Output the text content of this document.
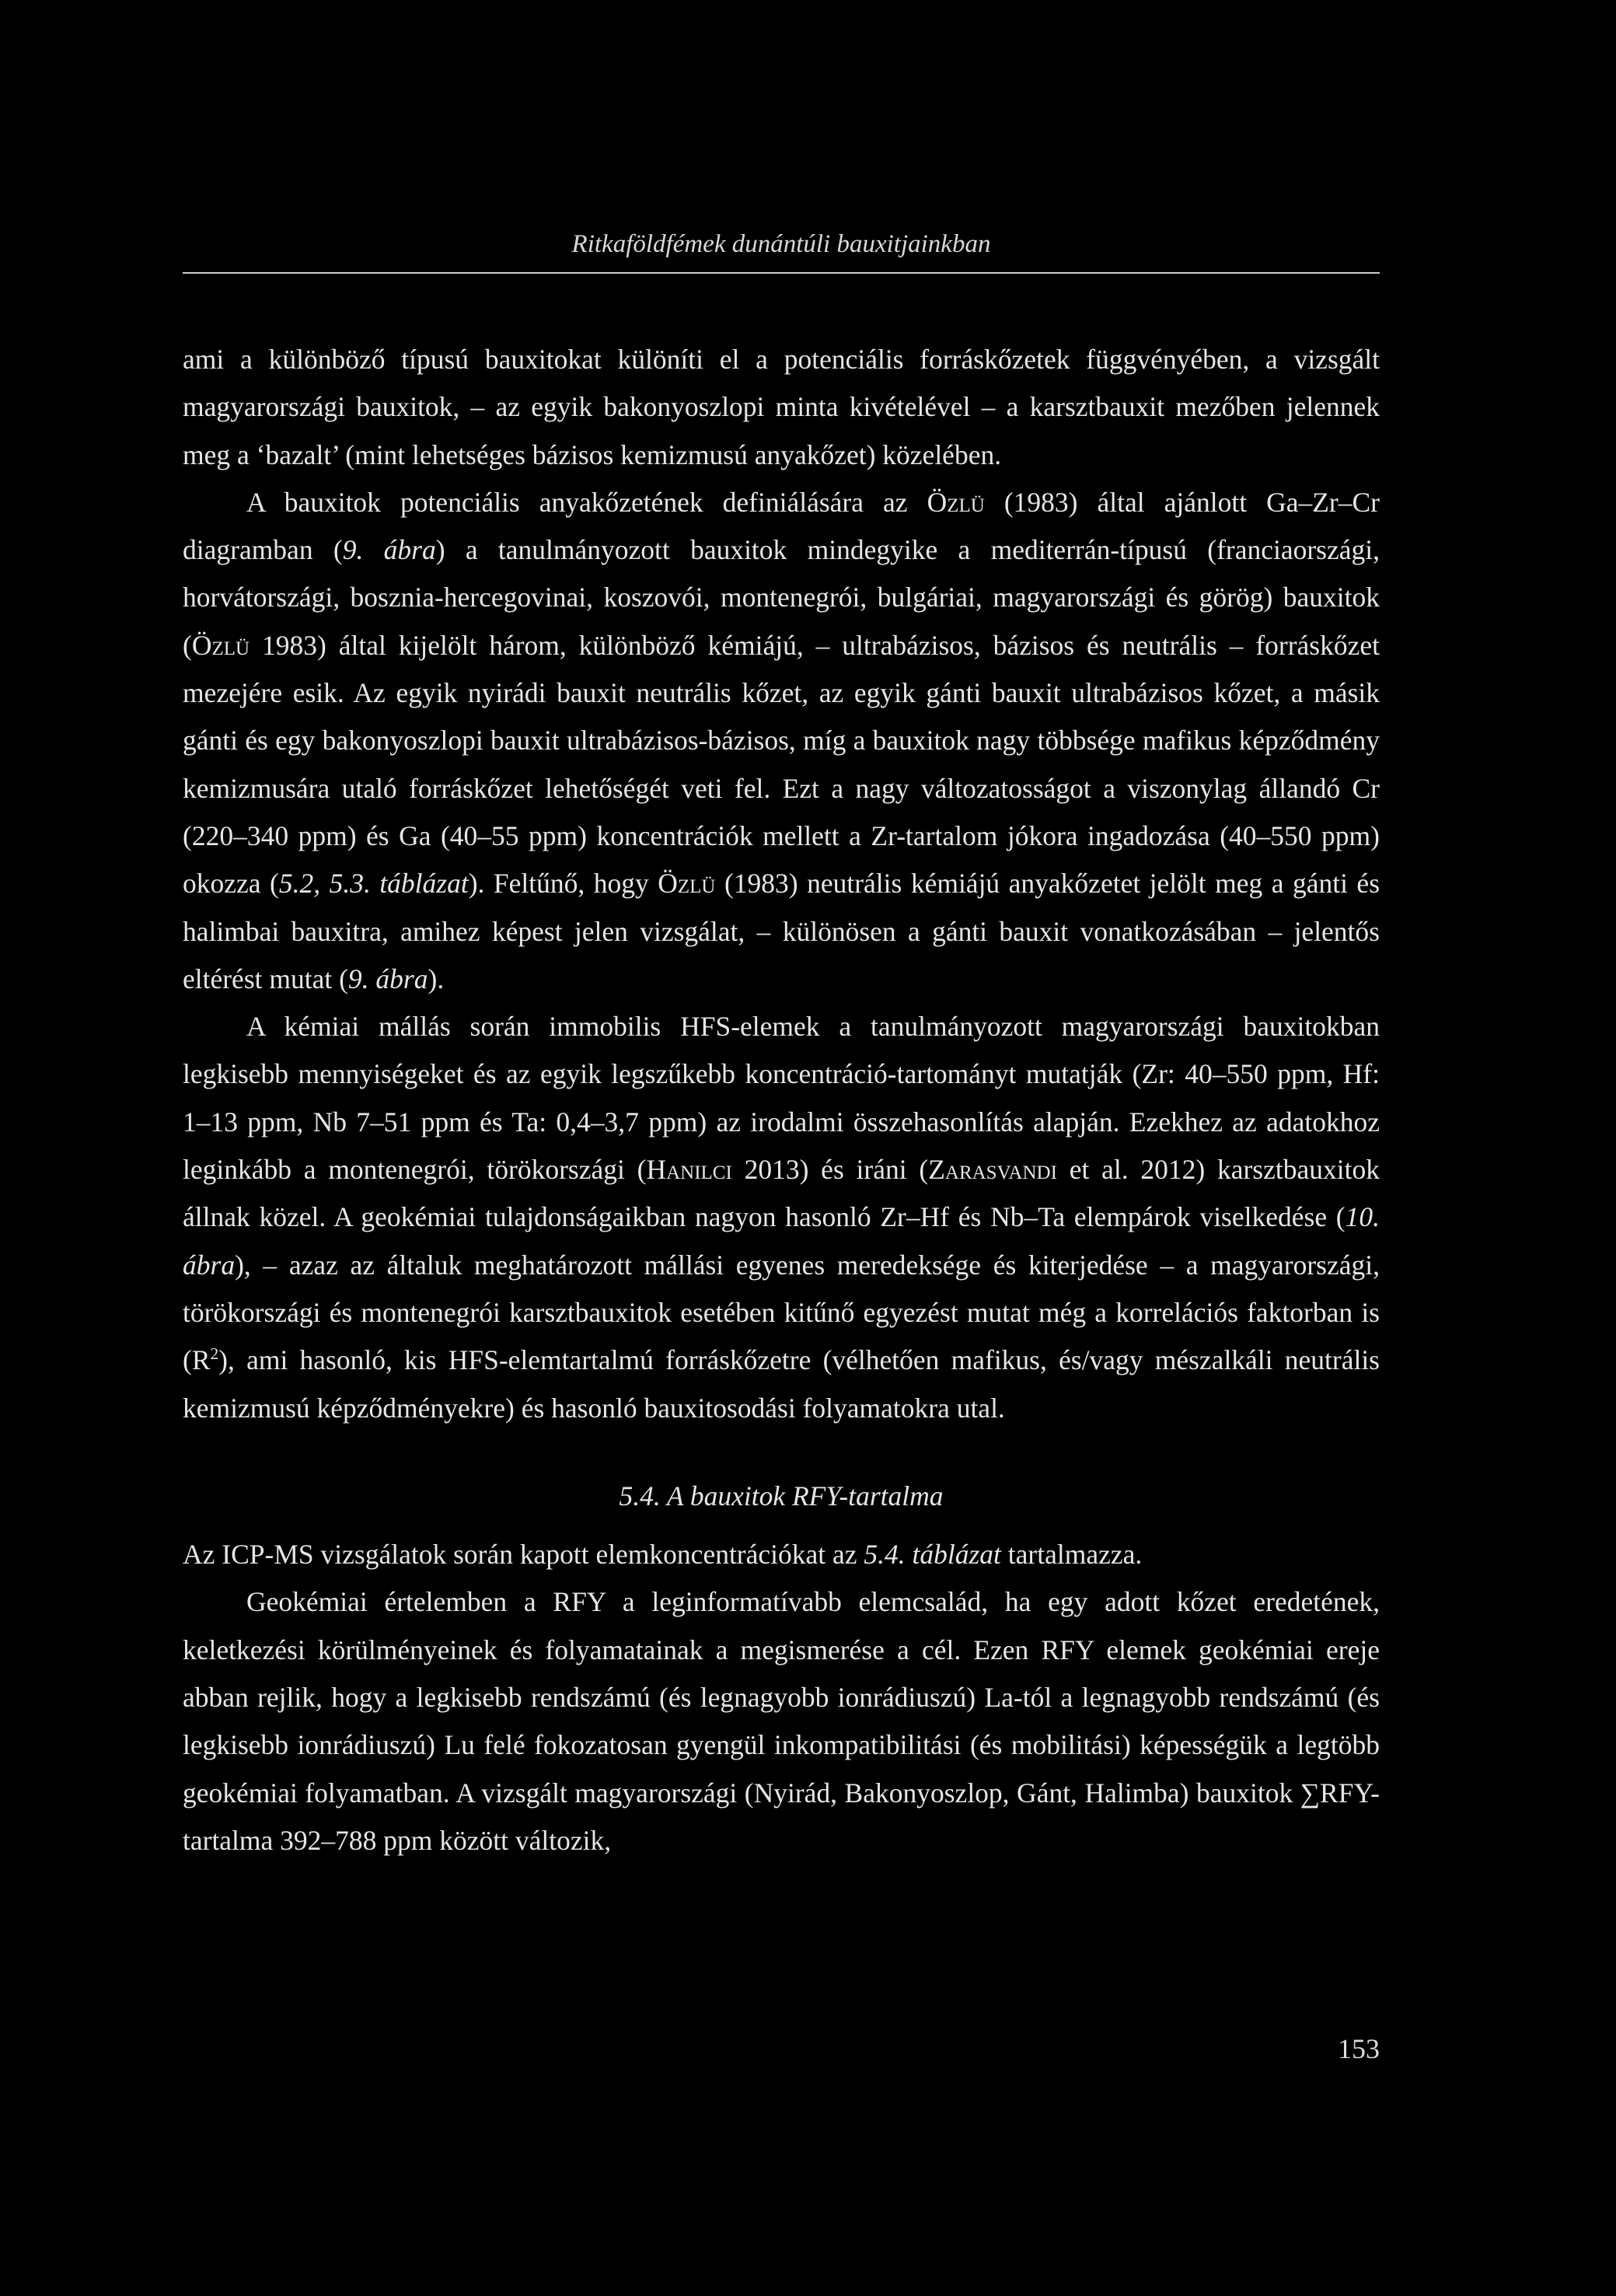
Ritkaföldfémek dunántúli bauxitjainkban

ami a különböző típusú bauxitokat különíti el a potenciális forráskőzetek függvényében, a vizsgált magyarországi bauxitok, – az egyik bakonyoszlopi minta kivételével – a karsztbauxit mezőben jelennek meg a ‘bazalt’ (mint lehetséges bázisos kemizmusú anyakőzet) közelében.

A bauxitok potenciális anyakőzetének definiálására az Özlü (1983) által ajánlott Ga–Zr–Cr diagramban (9. ábra) a tanulmányozott bauxitok mindegyike a mediterrán-típusú (franciaországi, horvátországi, bosznia-hercegovinai, koszovói, montenegrói, bulgáriai, magyarországi és görög) bauxitok (Özlü 1983) által kijelölt három, különböző kémiájú, – ultrabázisos, bázisos és neutrális – forráskőzet mezejére esik. Az egyik nyirádi bauxit neutrális kőzet, az egyik gánti bauxit ultrabázisos kőzet, a másik gánti és egy bakonyoszlopi bauxit ultrabázisos-bázisos, míg a bauxitok nagy többsége mafikus képződmény kemizmusára utaló forráskőzet lehetőségét veti fel. Ezt a nagy változatosságot a viszonylag állandó Cr (220–340 ppm) és Ga (40–55 ppm) koncentrációk mellett a Zr-tartalom jókora ingadozása (40–550 ppm) okozza (5.2, 5.3. táblázat). Feltűnő, hogy Özlü (1983) neutrális kémiájú anyakőzetet jelölt meg a gánti és halimbai bauxitra, amihez képest jelen vizsgálat, – különösen a gánti bauxit vonatkozásában – jelentős eltérést mutat (9. ábra).

A kémiai mállás során immobilis HFS-elemek a tanulmányozott magyarországi bauxitokban legkisebb mennyiségeket és az egyik legszűkebb koncentráció-tartományt mutatják (Zr: 40–550 ppm, Hf: 1–13 ppm, Nb 7–51 ppm és Ta: 0,4–3,7 ppm) az irodalmi összehasonlítás alapján. Ezekhez az adatokhoz leginkább a montenegrói, törökországi (Hanilci 2013) és iráni (Zarasvandi et al. 2012) karsztbauxitok állnak közel. A geokémiai tulajdonságaikban nagyon hasonló Zr–Hf és Nb–Ta elempárok viselkedése (10. ábra), – azaz az általuk meghatározott mállási egyenes meredeksége és kiterjedése – a magyarországi, törökországi és montenegrói karsztbauxitok esetében kitűnő egyezést mutat még a korrelációs faktorban is $(R^2)$, ami hasonló, kis HFS-elemtartalmú forráskőzetre (vélhetően mafikus, és/vagy mészalkáli neutrális kemizmusú képződményekre) és hasonló bauxitosodási folyamatokra utal.

5.4. A bauxitok RFY-tartalma

Az ICP-MS vizsgálatok során kapott elemkoncentrációkat az 5.4. táblázat tartalmazza.

Geokémiai értelemben a RFY a leginformatívabb elemcsalád, ha egy adott kőzet eredetének, keletkezési körülményeinek és folyamatainak a megismerése a cél. Ezen RFY elemek geokémiai ereje abban rejlik, hogy a legkisebb rendszámú (és legnagyobb ionrádiuszú) La-tól a legnagyobb rendszámú (és legkisebb ionrádiuszú) Lu felé fokozatosan gyengül inkompatibilitási (és mobilitási) képességük a legtöbb geokémiai folyamatban. A vizsgált magyarországi (Nyirád, Bakonyoszlop, Gánt, Halimba) bauxitok ∑RFY-tartalma 392–788 ppm között változik,

153
